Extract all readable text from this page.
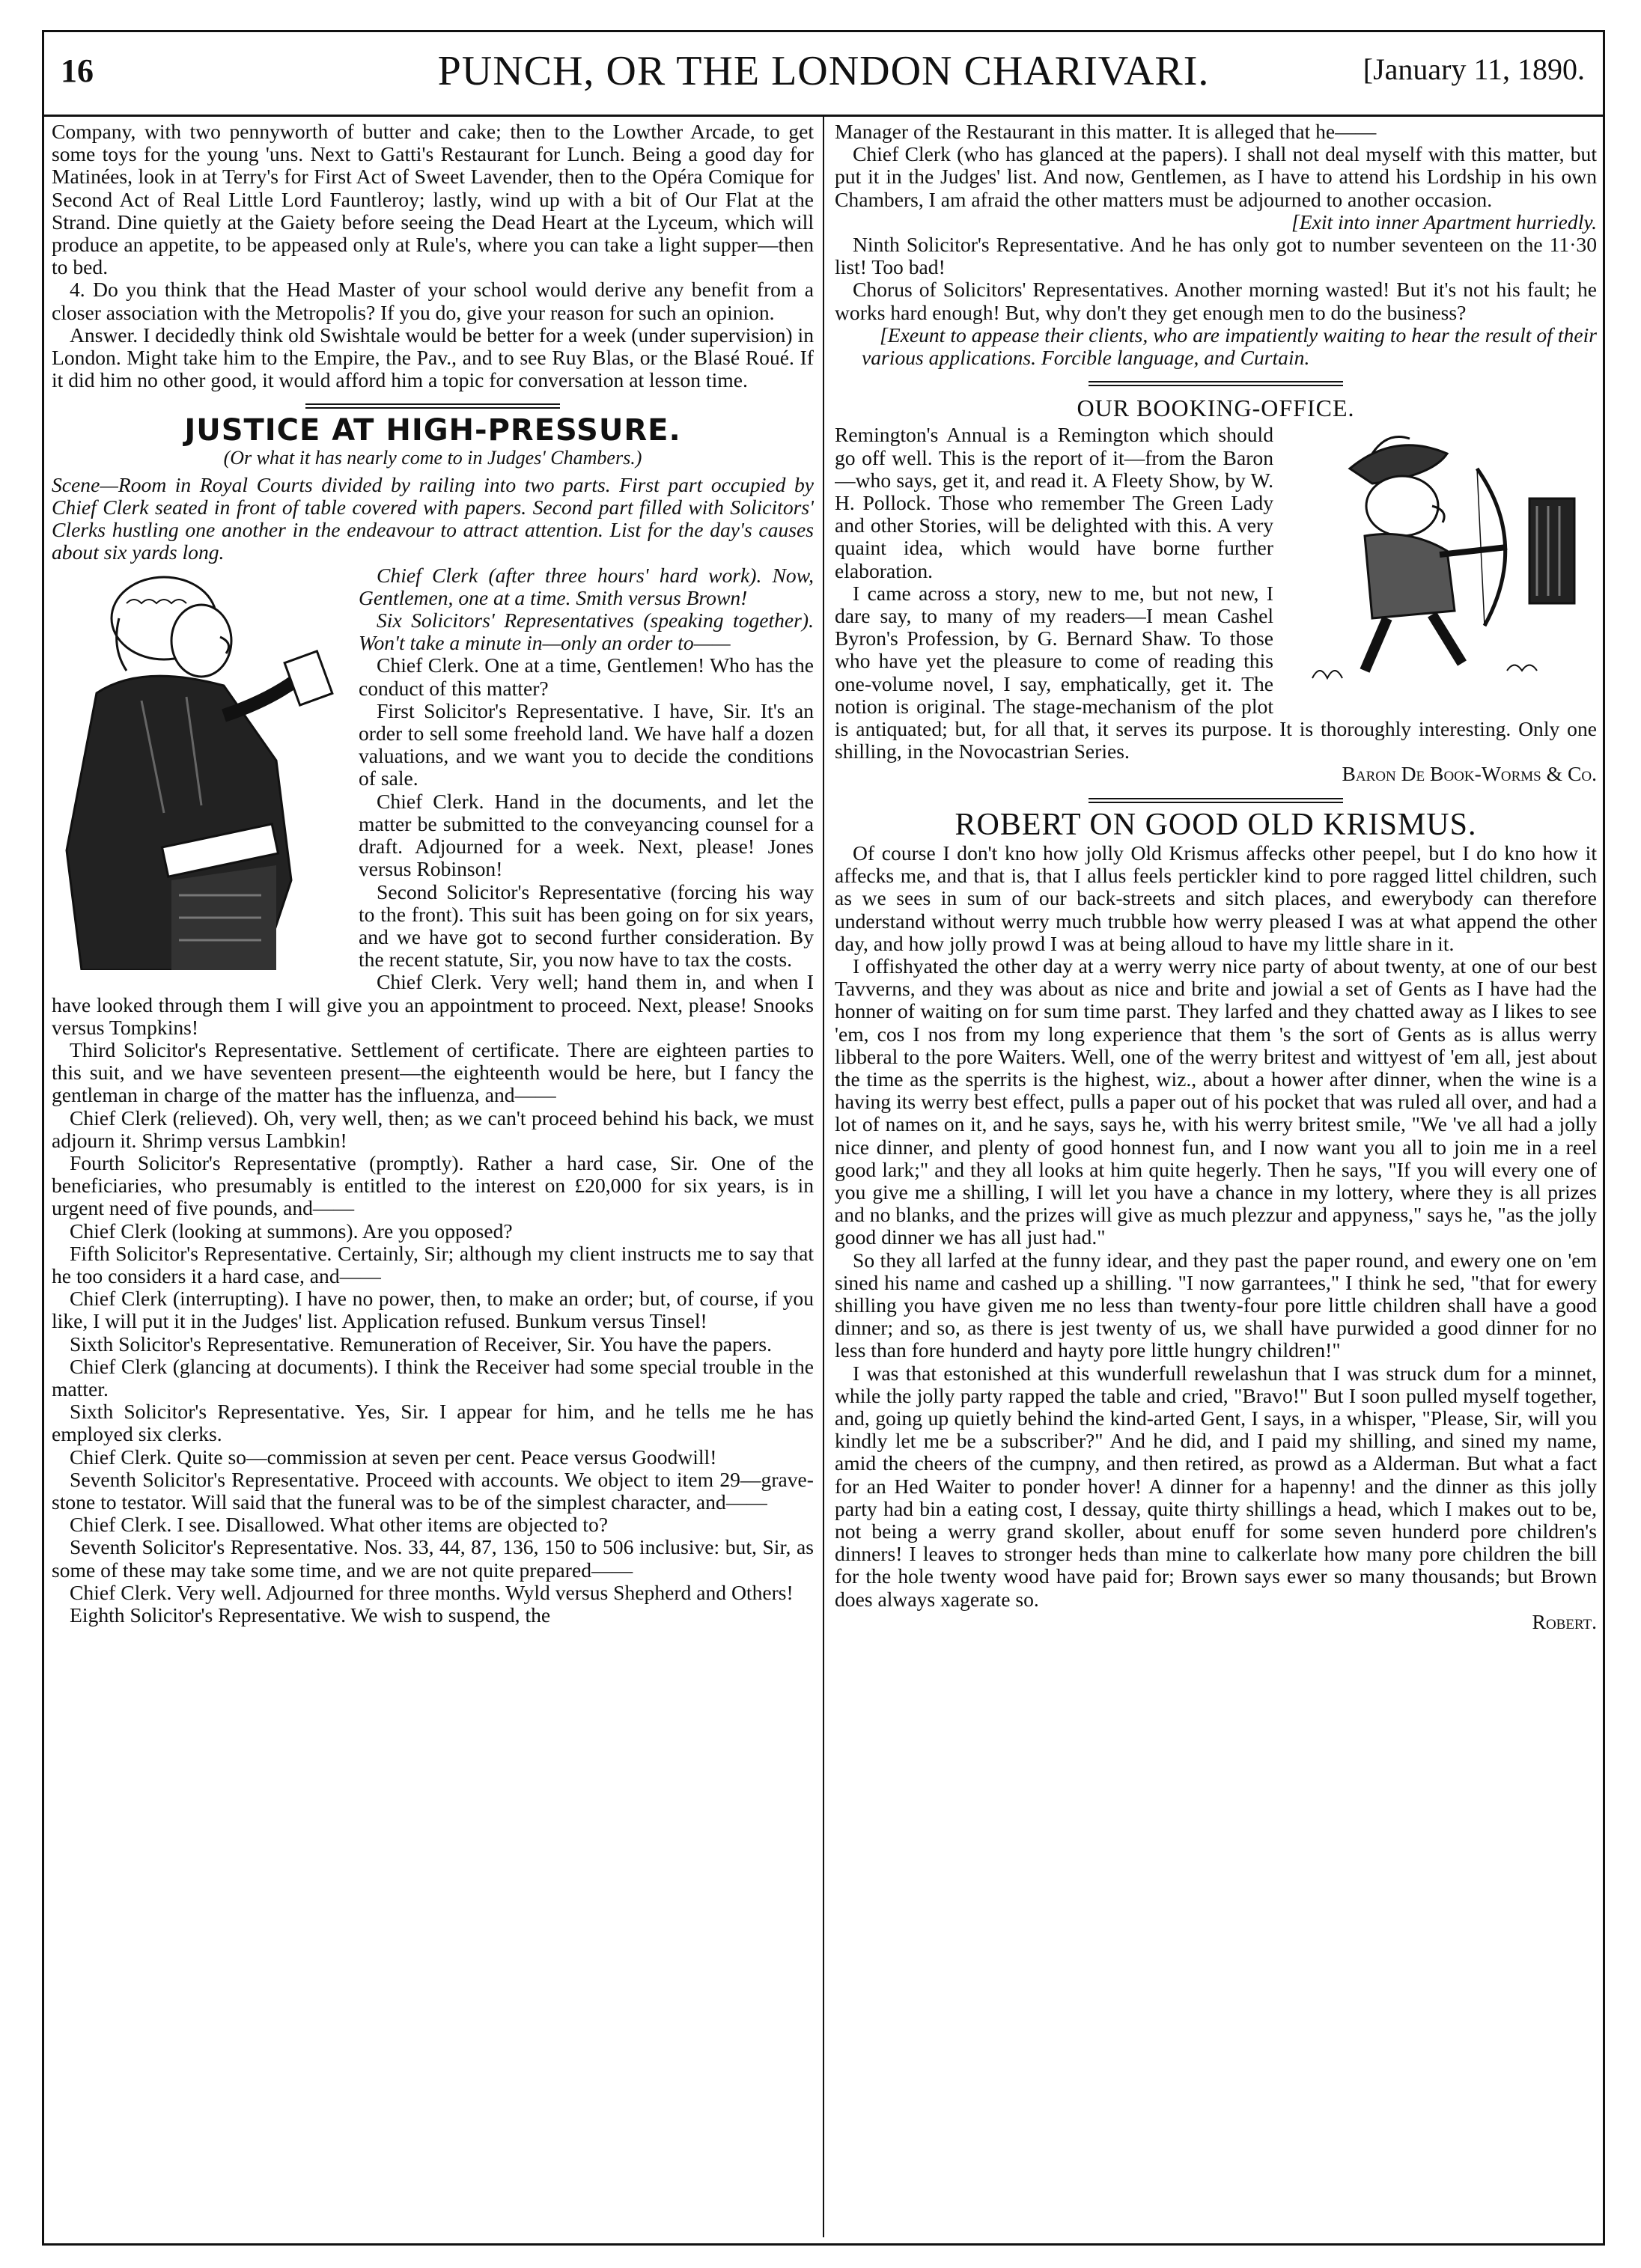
16	PUNCH, OR THE LONDON CHARIVARI.	[January 11, 1890.

Company, with two pennyworth of butter and cake; then to the Lowther Arcade, to get some toys for the young 'uns. Next to Gatti's Restaurant for Lunch. Being a good day for Matinées, look in at Terry's for First Act of Sweet Lavender, then to the Opéra Comique for Second Act of Real Little Lord Fauntleroy; lastly, wind up with a bit of Our Flat at the Strand. Dine quietly at the Gaiety before seeing the Dead Heart at the Lyceum, which will produce an appetite, to be appeased only at Rule's, where you can take a light supper—then to bed.

4. Do you think that the Head Master of your school would derive any benefit from a closer association with the Metropolis? If you do, give your reason for such an opinion.

Answer. I decidedly think old Swishtale would be better for a week (under supervision) in London. Might take him to the Empire, the Pav., and to see Ruy Blas, or the Blasé Roué. If it did him no other good, it would afford him a topic for conversation at lesson time.

JUSTICE AT HIGH-PRESSURE.
(Or what it has nearly come to in Judges' Chambers.)

Scene—Room in Royal Courts divided by railing into two parts. First part occupied by Chief Clerk seated in front of table covered with papers. Second part filled with Solicitors' Clerks hustling one another in the endeavour to attract attention. List for the day's causes about six yards long.

Chief Clerk (after three hours' hard work). Now, Gentlemen, one at a time. Smith versus Brown!

Six Solicitors' Representatives (speaking together). Won't take a minute in—only an order to——

Chief Clerk. One at a time, Gentlemen! Who has the conduct of this matter?

First Solicitor's Representative. I have, Sir. It's an order to sell some freehold land. We have half a dozen valuations, and we want you to decide the conditions of sale.

Chief Clerk. Hand in the documents, and let the matter be submitted to the conveyancing counsel for a draft. Adjourned for a week. Next, please! Jones versus Robinson!

Second Solicitor's Representative (forcing his way to the front). This suit has been going on for six years, and we have got to second further consideration. By the recent statute, Sir, you now have to tax the costs.

Chief Clerk. Very well; hand them in, and when I have looked through them I will give you an appointment to proceed. Next, please! Snooks versus Tompkins!

Third Solicitor's Representative. Settlement of certificate. There are eighteen parties to this suit, and we have seventeen present—the eighteenth would be here, but I fancy the gentleman in charge of the matter has the influenza, and——

Chief Clerk (relieved). Oh, very well, then; as we can't proceed behind his back, we must adjourn it. Shrimp versus Lambkin!

Fourth Solicitor's Representative (promptly). Rather a hard case, Sir. One of the beneficiaries, who presumably is entitled to the interest on £20,000 for six years, is in urgent need of five pounds, and——

Chief Clerk (looking at summons). Are you opposed?

Fifth Solicitor's Representative. Certainly, Sir; although my client instructs me to say that he too considers it a hard case, and——

Chief Clerk (interrupting). I have no power, then, to make an order; but, of course, if you like, I will put it in the Judges' list. Application refused. Bunkum versus Tinsel!

Sixth Solicitor's Representative. Remuneration of Receiver, Sir. You have the papers.

Chief Clerk (glancing at documents). I think the Receiver had some special trouble in the matter.

Sixth Solicitor's Representative. Yes, Sir. I appear for him, and he tells me he has employed six clerks.

Chief Clerk. Quite so—commission at seven per cent. Peace versus Goodwill!

Seventh Solicitor's Representative. Proceed with accounts. We object to item 29—grave-stone to testator. Will said that the funeral was to be of the simplest character, and——

Chief Clerk. I see. Disallowed. What other items are objected to?

Seventh Solicitor's Representative. Nos. 33, 44, 87, 136, 150 to 506 inclusive: but, Sir, as some of these may take some time, and we are not quite prepared——

Chief Clerk. Very well. Adjourned for three months. Wyld versus Shepherd and Others!

Eighth Solicitor's Representative. We wish to suspend, the

Manager of the Restaurant in this matter. It is alleged that he——

Chief Clerk (who has glanced at the papers). I shall not deal myself with this matter, but put it in the Judges' list. And now, Gentlemen, as I have to attend his Lordship in his own Chambers, I am afraid the other matters must be adjourned to another occasion.

[Exit into inner Apartment hurriedly.

Ninth Solicitor's Representative. And he has only got to number seventeen on the 11·30 list! Too bad!

Chorus of Solicitors' Representatives. Another morning wasted! But it's not his fault; he works hard enough! But, why don't they get enough men to do the business?

[Exeunt to appease their clients, who are impatiently waiting to hear the result of their various applications. Forcible language, and Curtain.

OUR BOOKING-OFFICE.

Remington's Annual is a Remington which should go off well. This is the report of it—from the Baron—who says, get it, and read it. A Fleety Show, by W. H. Pollock. Those who remember The Green Lady and other Stories, will be delighted with this. A very quaint idea, which would have borne further elaboration.

I came across a story, new to me, but not new, I dare say, to many of my readers—I mean Cashel Byron's Profession, by G. Bernard Shaw. To those who have yet the pleasure to come of reading this one-volume novel, I say, emphatically, get it. The notion is original. The stage-mechanism of the plot is antiquated; but, for all that, it serves its purpose. It is thoroughly interesting. Only one shilling, in the Novocastrian Series.

Baron De Book-Worms & Co.

ROBERT ON GOOD OLD KRISMUS.

Of course I don't kno how jolly Old Krismus affecks other peepel, but I do kno how it affecks me, and that is, that I allus feels pertickler kind to pore ragged littel children, such as we sees in sum of our back-streets and sitch places, and ewerybody can therefore understand without werry much trubble how werry pleased I was at what append the other day, and how jolly prowd I was at being alloud to have my little share in it.

I offishyated the other day at a werry werry nice party of about twenty, at one of our best Tavverns, and they was about as nice and brite and jowial a set of Gents as I have had the honner of waiting on for sum time parst. They larfed and they chatted away as I likes to see 'em, cos I nos from my long experience that them 's the sort of Gents as is allus werry libberal to the pore Waiters. Well, one of the werry britest and wittyest of 'em all, jest about the time as the sperrits is the highest, wiz., about a hower after dinner, when the wine is a having its werry best effect, pulls a paper out of his pocket that was ruled all over, and had a lot of names on it, and he says, says he, with his werry britest smile, "We 've all had a jolly nice dinner, and plenty of good honnest fun, and I now want you all to join me in a reel good lark;" and they all looks at him quite hegerly. Then he says, "If you will every one of you give me a shilling, I will let you have a chance in my lottery, where they is all prizes and no blanks, and the prizes will give as much plezzur and appyness," says he, "as the jolly good dinner we has all just had."

So they all larfed at the funny idear, and they past the paper round, and ewery one on 'em sined his name and cashed up a shilling. "I now garrantees," I think he sed, "that for ewery shilling you have given me no less than twenty-four pore little children shall have a good dinner; and so, as there is jest twenty of us, we shall have purwided a good dinner for no less than fore hunderd and hayty pore little hungry children!"

I was that estonished at this wunderfull rewelashun that I was struck dum for a minnet, while the jolly party rapped the table and cried, "Bravo!" But I soon pulled myself together, and, going up quietly behind the kind-arted Gent, I says, in a whisper, "Please, Sir, will you kindly let me be a subscriber?" And he did, and I paid my shilling, and sined my name, amid the cheers of the cumpny, and then retired, as prowd as a Alderman. But what a fact for an Hed Waiter to ponder hover! A dinner for a hapenny! and the dinner as this jolly party had bin a eating cost, I dessay, quite thirty shillings a head, which I makes out to be, not being a werry grand skoller, about enuff for some seven hunderd pore children's dinners! I leaves to stronger heds than mine to calkerlate how many pore children the bill for the hole twenty wood have paid for; Brown says ewer so many thousands; but Brown does always xagerate so.

Robert.
